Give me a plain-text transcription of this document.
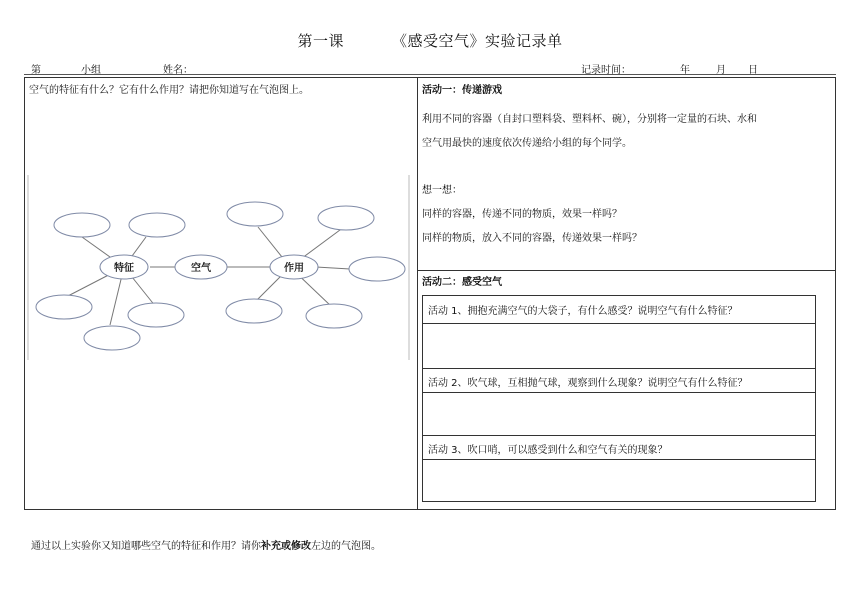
第一课	《感受空气》实验记录单
第	小组	姓名：	记录时间：	年	月 日
空气的特征有什么？它有什么作用？请把你知道写在气泡图上。
特征	空气	作用
活动一：传递游戏
利用不同的容器（自封口塑料袋、塑料杯、碗），分别将一定量的石块、水和
空气用最快的速度依次传递给小组的每个同学。
想一想：
同样的容器，传递不同的物质，效果一样吗？
同样的物质，放入不同的容器，传递效果一样吗？
活动二：感受空气
活动 1、拥抱充满空气的大袋子，有什么感受？说明空气有什么特征？
活动 2、吹气球，互相抛气球，观察到什么现象？说明空气有什么特征？
活动 3、吹口哨，可以感受到什么和空气有关的现象？
通过以上实验你又知道哪些空气的特征和作用？请你补充或修改左边的气泡图。
